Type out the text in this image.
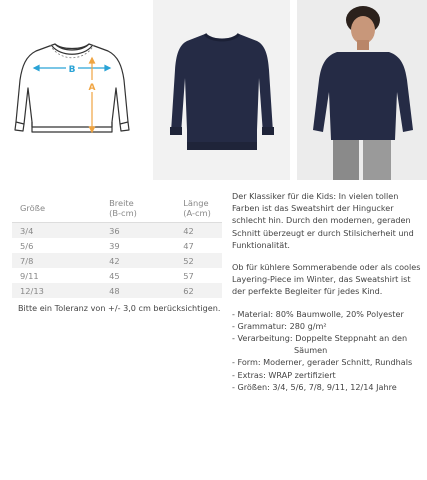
B
A
Größe	Breite (B-cm)	Länge (A-cm)
3/4	36	42
5/6	39	47
7/8	42	52
9/11	45	57
12/13	48	62
Bitte ein Toleranz von +/- 3,0 cm berücksichtigen.

Der Klassiker für die Kids: In vielen tollen Farben ist das Sweatshirt der Hingucker schlecht hin. Durch den modernen, geraden Schnitt überzeugt er durch Stilsicherheit und Funktionalität.

Ob für kühlere Sommerabende oder als cooles Layering-Piece im Winter, das Sweatshirt ist der perfekte Begleiter für jedes Kind.

- Material: 80% Baumwolle, 20% Polyester
- Grammatur: 280 g/m²
- Verarbeitung: Doppelte Steppnaht an den
Säumen
- Form: Moderner, gerader Schnitt, Rundhals
- Extras: WRAP zertifiziert
- Größen: 3/4, 5/6, 7/8, 9/11, 12/14 Jahre
